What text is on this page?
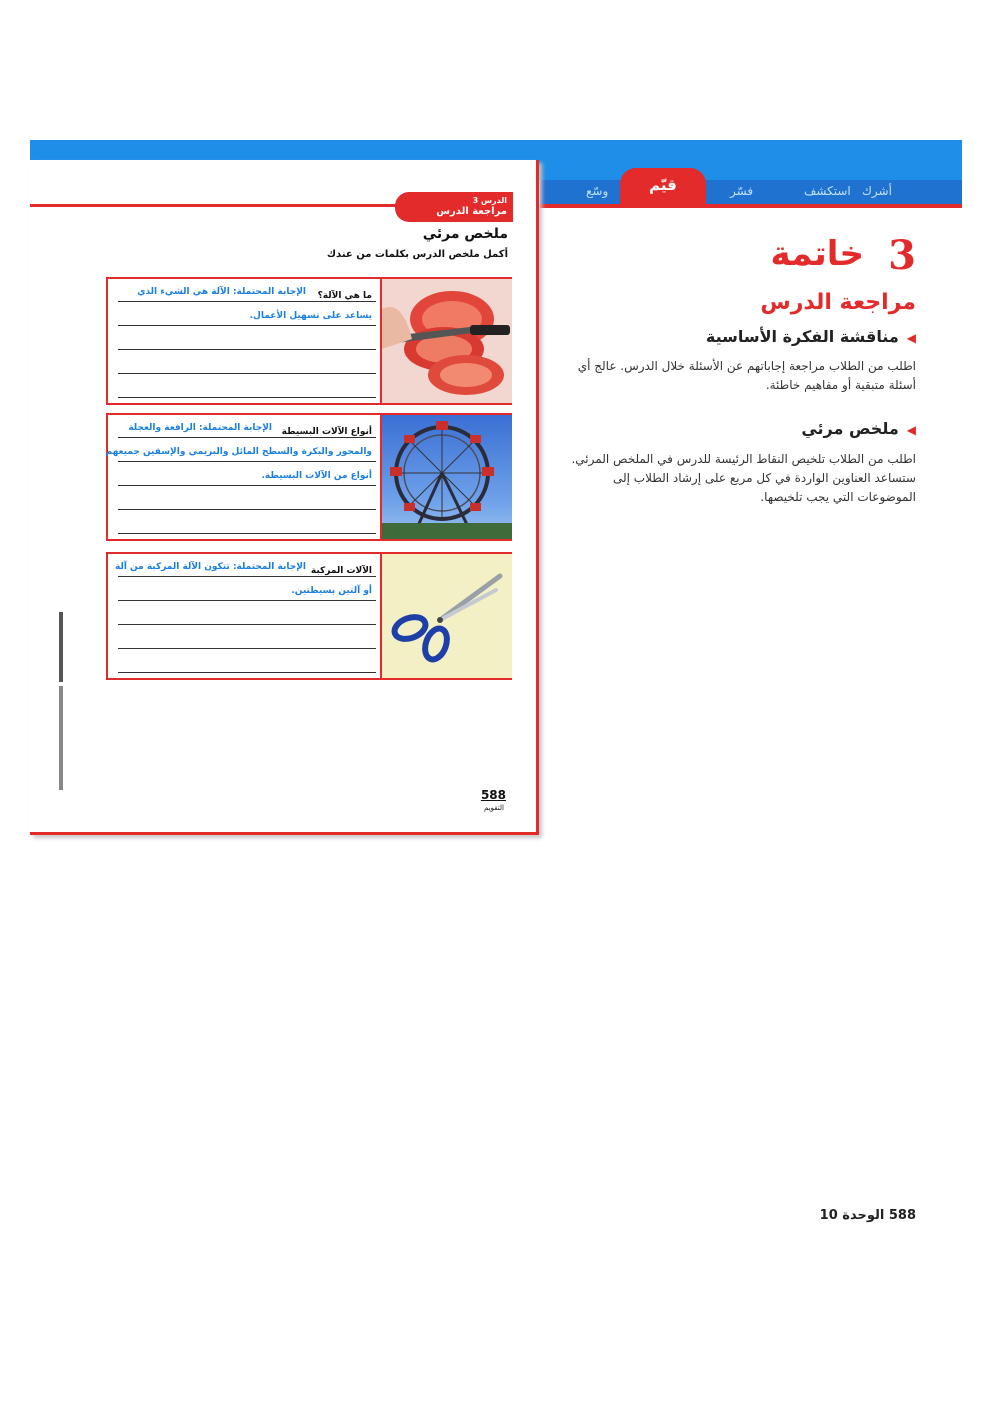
أشرك
استكشف
فسّر
قيّم
وسّع
الدرس 3
مراجعة الدرس
ملخص مرئي
أكمل ملخص الدرس بكلمات من عندك
ما هي الآلة؟
الإجابة المحتملة: الآلة هي الشيء الذي
يساعد على تسهيل الأعمال.
أنواع الآلات البسيطة
الإجابة المحتملة: الرافعة والعجلة
والمحور والبكرة والسطح المائل والبريمي والإسفين جميعهم
أنواع من الآلات البسيطة.
الآلات المركبة
الإجابة المحتملة: تتكون الآلة المركبة من آلة
أو آلتين بسيطتين.
588
التقويم
خاتمة 3
مراجعة الدرس
◀مناقشة الفكرة الأساسية
اطلب من الطلاب مراجعة إجاباتهم عن الأسئلة خلال الدرس. عالج أي أسئلة متبقية أو مفاهيم خاطئة.
◀ملخص مرئي
اطلب من الطلاب تلخيص النقاط الرئيسة للدرس في الملخص المرئي. ستساعد العناوين الواردة في كل مربع على إرشاد الطلاب إلى الموضوعات التي يجب تلخيصها.
588 الوحدة 10
